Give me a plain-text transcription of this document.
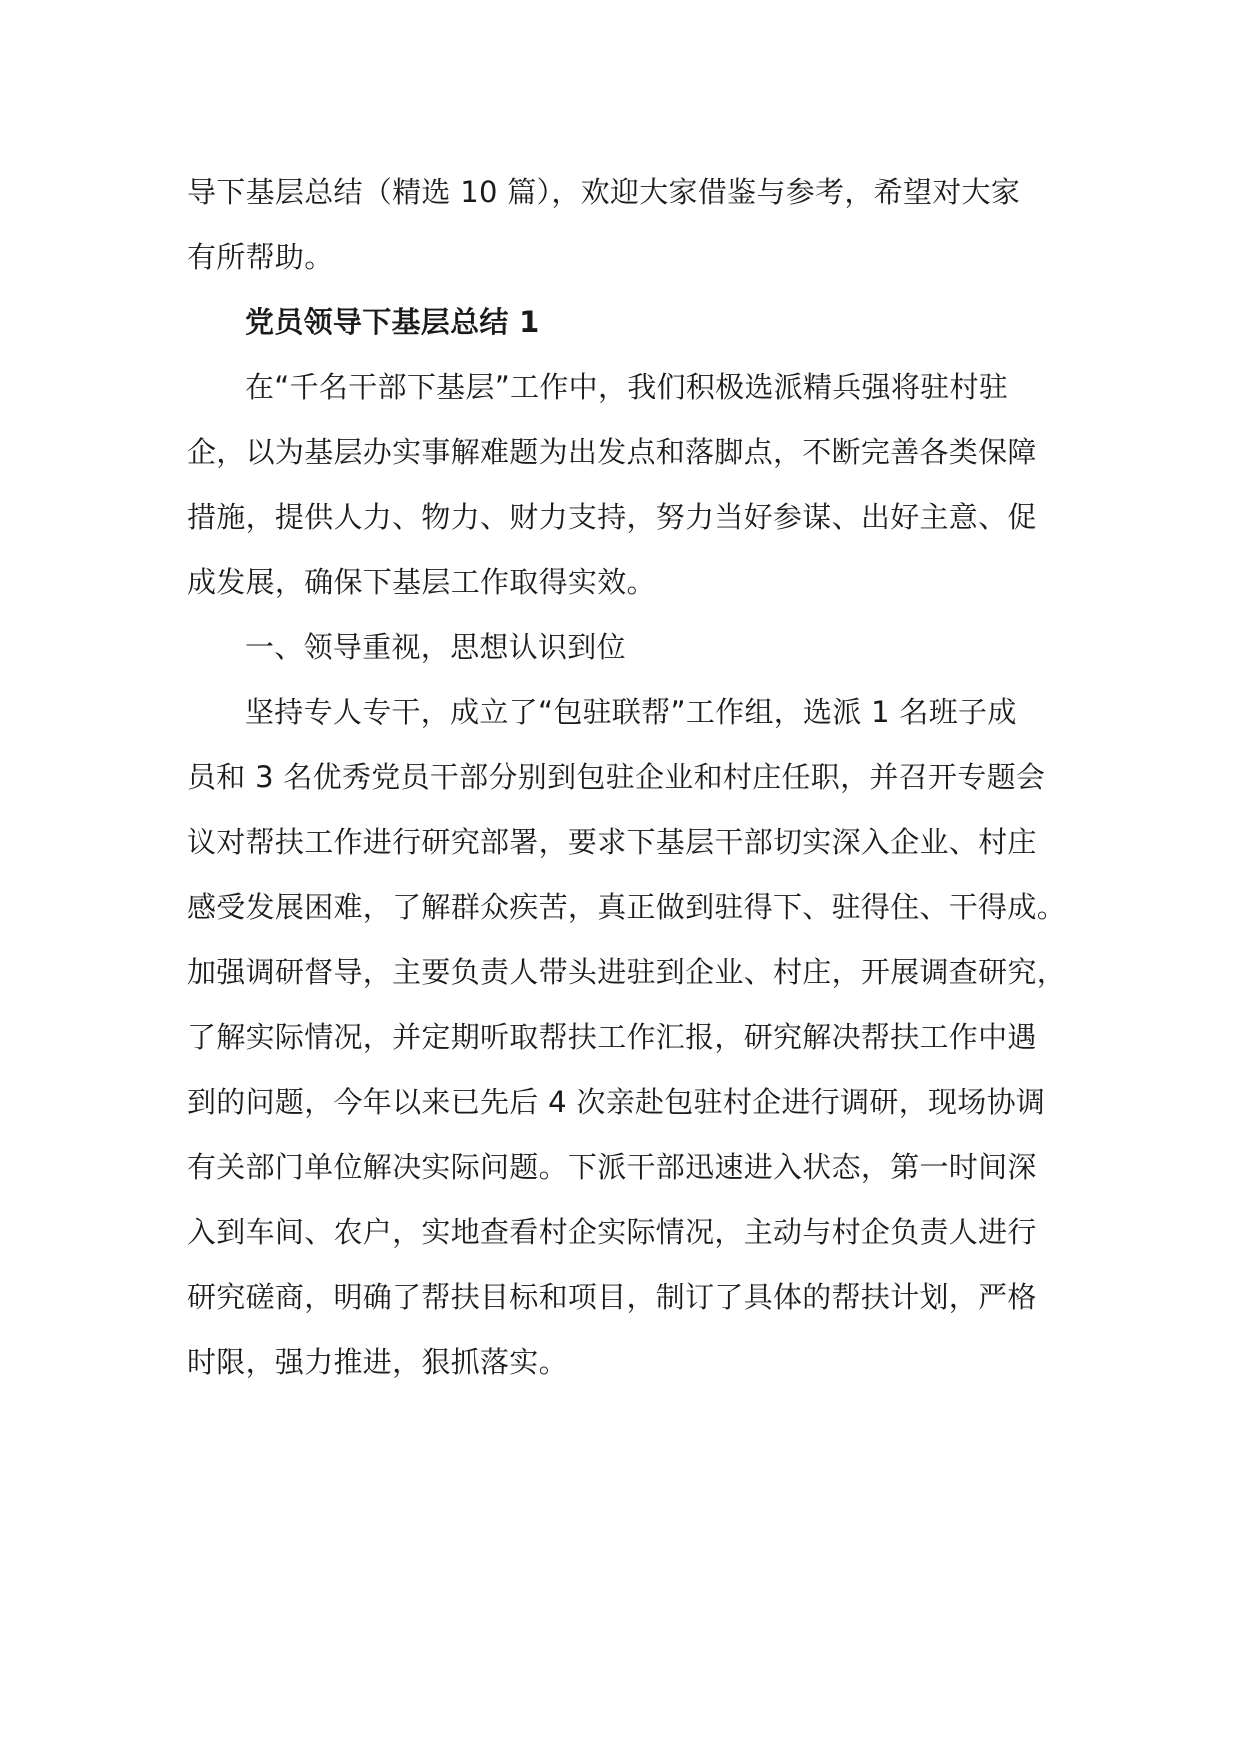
导下基层总结（精选 10 篇），欢迎大家借鉴与参考，希望对大家
有所帮助。

党员领导下基层总结 1

在“千名干部下基层”工作中，我们积极选派精兵强将驻村驻
企，以为基层办实事解难题为出发点和落脚点，不断完善各类保障
措施，提供人力、物力、财力支持，努力当好参谋、出好主意、促
成发展，确保下基层工作取得实效。

一、领导重视，思想认识到位

坚持专人专干，成立了“包驻联帮”工作组，选派 1 名班子成
员和 3 名优秀党员干部分别到包驻企业和村庄任职，并召开专题会
议对帮扶工作进行研究部署，要求下基层干部切实深入企业、村庄
感受发展困难，了解群众疾苦，真正做到驻得下、驻得住、干得成。
加强调研督导，主要负责人带头进驻到企业、村庄，开展调查研究，
了解实际情况，并定期听取帮扶工作汇报，研究解决帮扶工作中遇
到的问题，今年以来已先后 4 次亲赴包驻村企进行调研，现场协调
有关部门单位解决实际问题。下派干部迅速进入状态，第一时间深
入到车间、农户，实地查看村企实际情况，主动与村企负责人进行
研究磋商，明确了帮扶目标和项目，制订了具体的帮扶计划，严格
时限，强力推进，狠抓落实。
